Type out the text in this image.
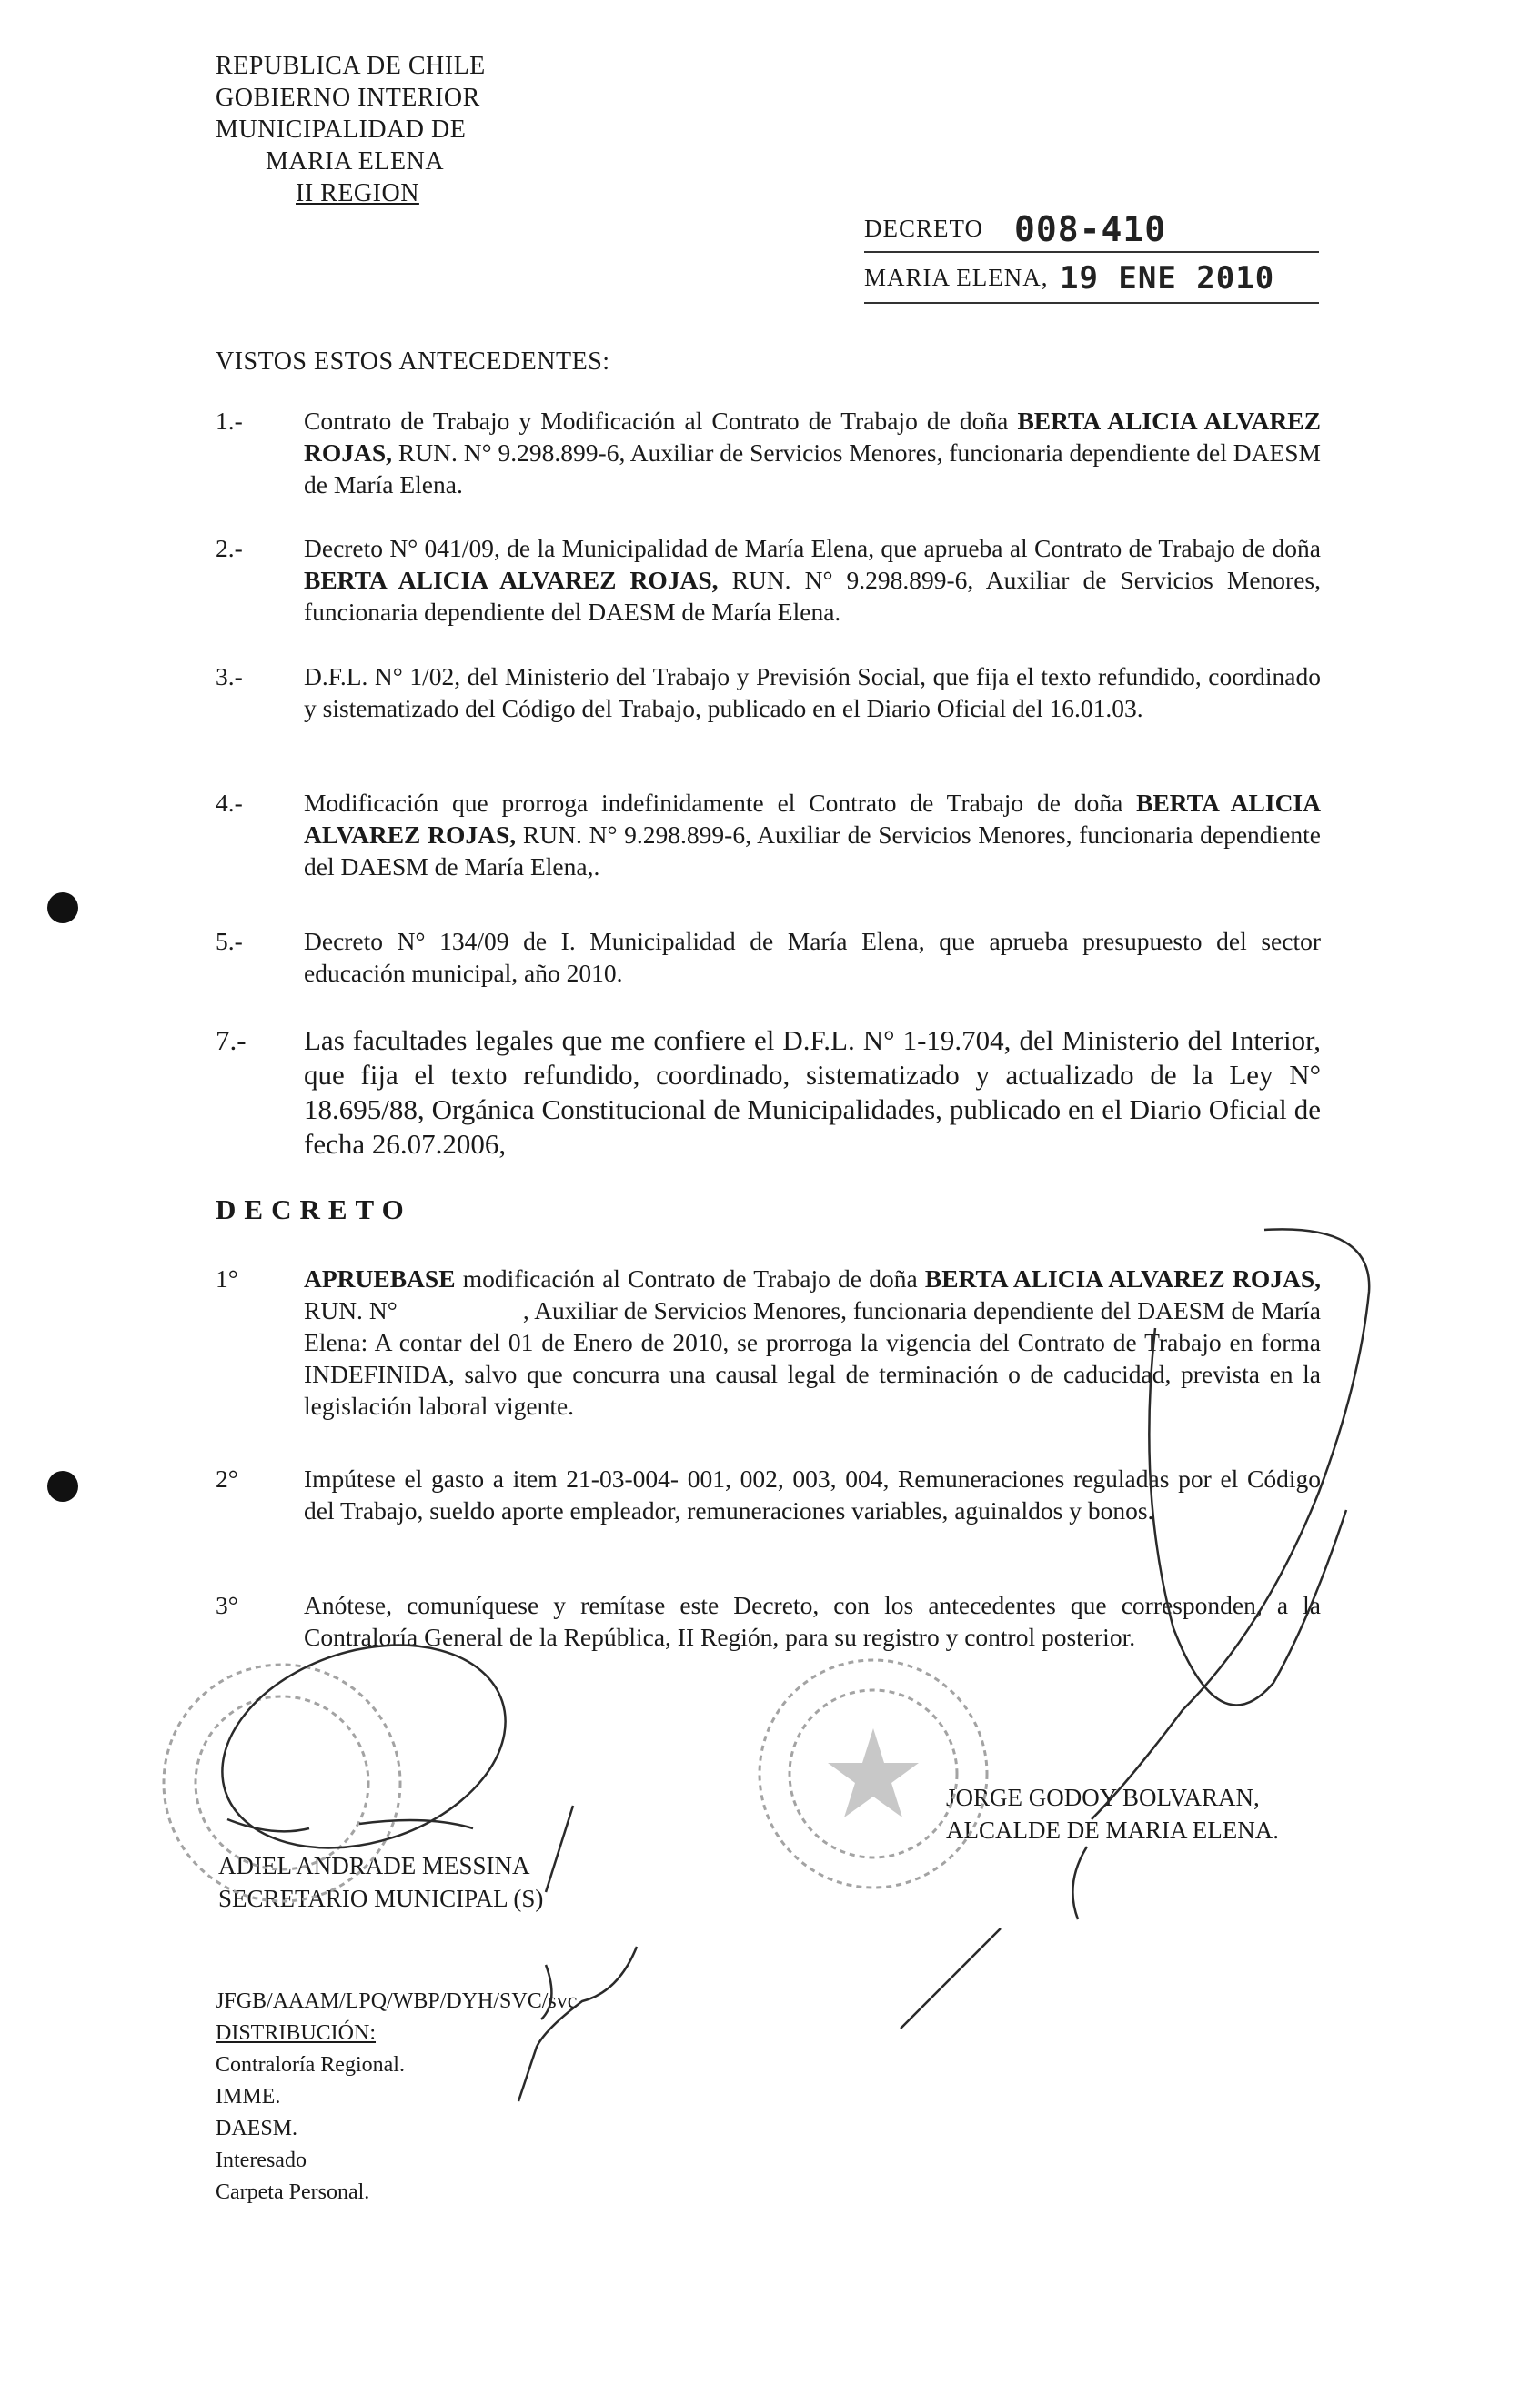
REPUBLICA DE CHILE
GOBIERNO INTERIOR
MUNICIPALIDAD DE
MARIA ELENA
II REGION
DECRETO 008-410
MARIA ELENA, 19 ENE 2010
VISTOS ESTOS ANTECEDENTES:
1.- Contrato de Trabajo y Modificación al Contrato de Trabajo de doña BERTA ALICIA ALVAREZ ROJAS, RUN. N° 9.298.899-6, Auxiliar de Servicios Menores, funcionaria dependiente del DAESM de María Elena.
2.- Decreto N° 041/09, de la Municipalidad de María Elena, que aprueba al Contrato de Trabajo de doña BERTA ALICIA ALVAREZ ROJAS, RUN. N° 9.298.899-6, Auxiliar de Servicios Menores, funcionaria dependiente del DAESM de María Elena.
3.- D.F.L. N° 1/02, del Ministerio del Trabajo y Previsión Social, que fija el texto refundido, coordinado y sistematizado del Código del Trabajo, publicado en el Diario Oficial del 16.01.03.
4.- Modificación que prorroga indefinidamente el Contrato de Trabajo de doña BERTA ALICIA ALVAREZ ROJAS, RUN. N° 9.298.899-6, Auxiliar de Servicios Menores, funcionaria dependiente del DAESM de María Elena,.
5.- Decreto N° 134/09 de I. Municipalidad de María Elena, que aprueba presupuesto del sector educación municipal, año 2010.
7.- Las facultades legales que me confiere el D.F.L. N° 1-19.704, del Ministerio del Interior, que fija el texto refundido, coordinado, sistematizado y actualizado de la Ley N° 18.695/88, Orgánica Constitucional de Municipalidades, publicado en el Diario Oficial de fecha 26.07.2006,
DECRETO
1°	APRUEBASE modificación al Contrato de Trabajo de doña BERTA ALICIA ALVAREZ ROJAS, RUN. N°                    , Auxiliar de Servicios Menores, funcionaria dependiente del DAESM de María Elena: A contar del 01 de Enero de 2010, se prorroga la vigencia del Contrato de Trabajo en forma INDEFINIDA, salvo que concurra una causal legal de terminación o de caducidad, prevista en la legislación laboral vigente.
2°	Impútese el gasto a item 21-03-004- 001, 002, 003, 004, Remuneraciones reguladas por el Código del Trabajo, sueldo aporte empleador, remuneraciones variables, aguinaldos y bonos.
3°	Anótese, comuníquese y remítase este Decreto, con los antecedentes que corresponden, a la Contraloría General de la República, II Región, para su registro y control posterior.
ADIEL ANDRADE MESSINA
SECRETARIO MUNICIPAL (S)
JORGE GODOY BOLVARAN,
ALCALDE DE MARIA ELENA.
JFGB/AAAM/LPQ/WBP/DYH/SVC/svc
DISTRIBUCIÓN:
Contraloría Regional.
IMME.
DAESM.
Interesado
Carpeta Personal.
